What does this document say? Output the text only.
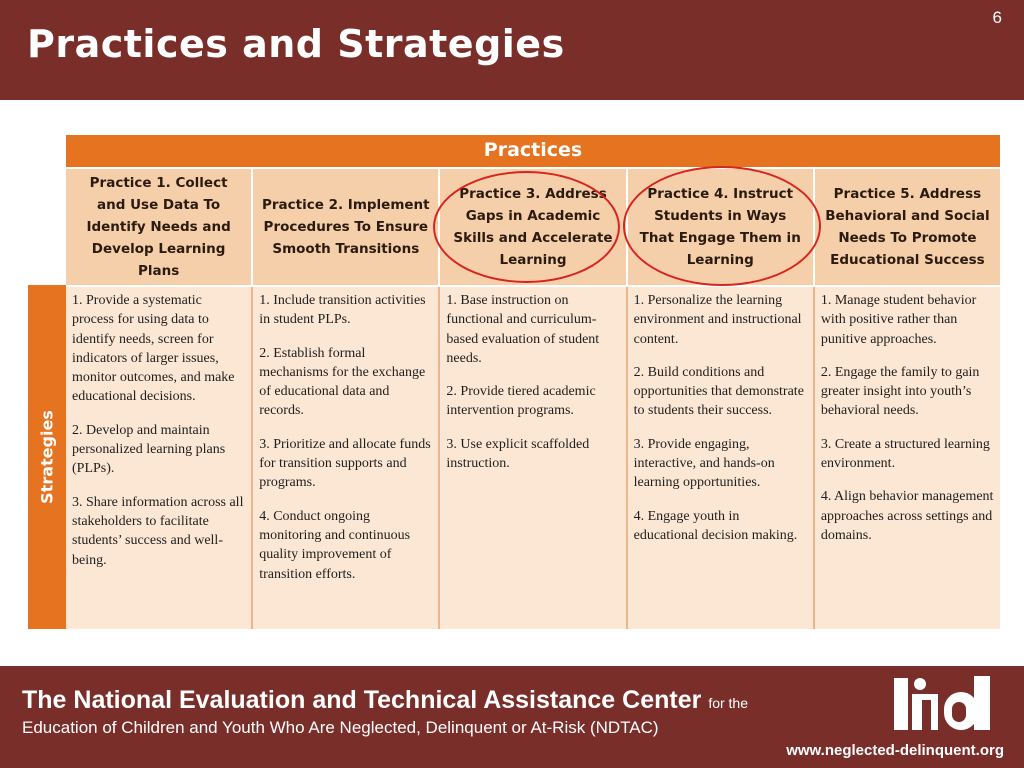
Practices and Strategies
6
Practices
Practice 1. Collect and Use Data To Identify Needs and Develop Learning Plans
Practice 2. Implement Procedures To Ensure Smooth Transitions
Practice 3. Address Gaps in Academic Skills and Accelerate Learning
Practice 4. Instruct Students in Ways That Engage Them in Learning
Practice 5. Address Behavioral and Social Needs To Promote Educational Success
Strategies

1. Provide a systematic process for using data to identify needs, screen for indicators of larger issues, monitor outcomes, and make educational decisions.

2. Develop and maintain personalized learning plans (PLPs).

3. Share information across all stakeholders to facilitate students’ success and well-being.

1. Include transition activities in student PLPs.

2. Establish formal mechanisms for the exchange of educational data and records.

3. Prioritize and allocate funds for transition supports and programs.

4. Conduct ongoing monitoring and continuous quality improvement of transition efforts.

1. Base instruction on functional and curriculum-based evaluation of student needs.

2. Provide tiered academic intervention programs.

3. Use explicit scaffolded instruction.

1. Personalize the learning environment and instructional content.

2. Build conditions and opportunities that demonstrate to students their success.

3. Provide engaging, interactive, and hands-on learning opportunities.

4. Engage youth in educational decision making.

1. Manage student behavior with positive rather than punitive approaches.

2. Engage the family to gain greater insight into youth’s behavioral needs.

3. Create a structured learning environment.

4. Align behavior management approaches across settings and domains.

The National Evaluation and Technical Assistance Center for the
Education of Children and Youth Who Are Neglected, Delinquent or At-Risk (NDTAC)
www.neglected-delinquent.org
